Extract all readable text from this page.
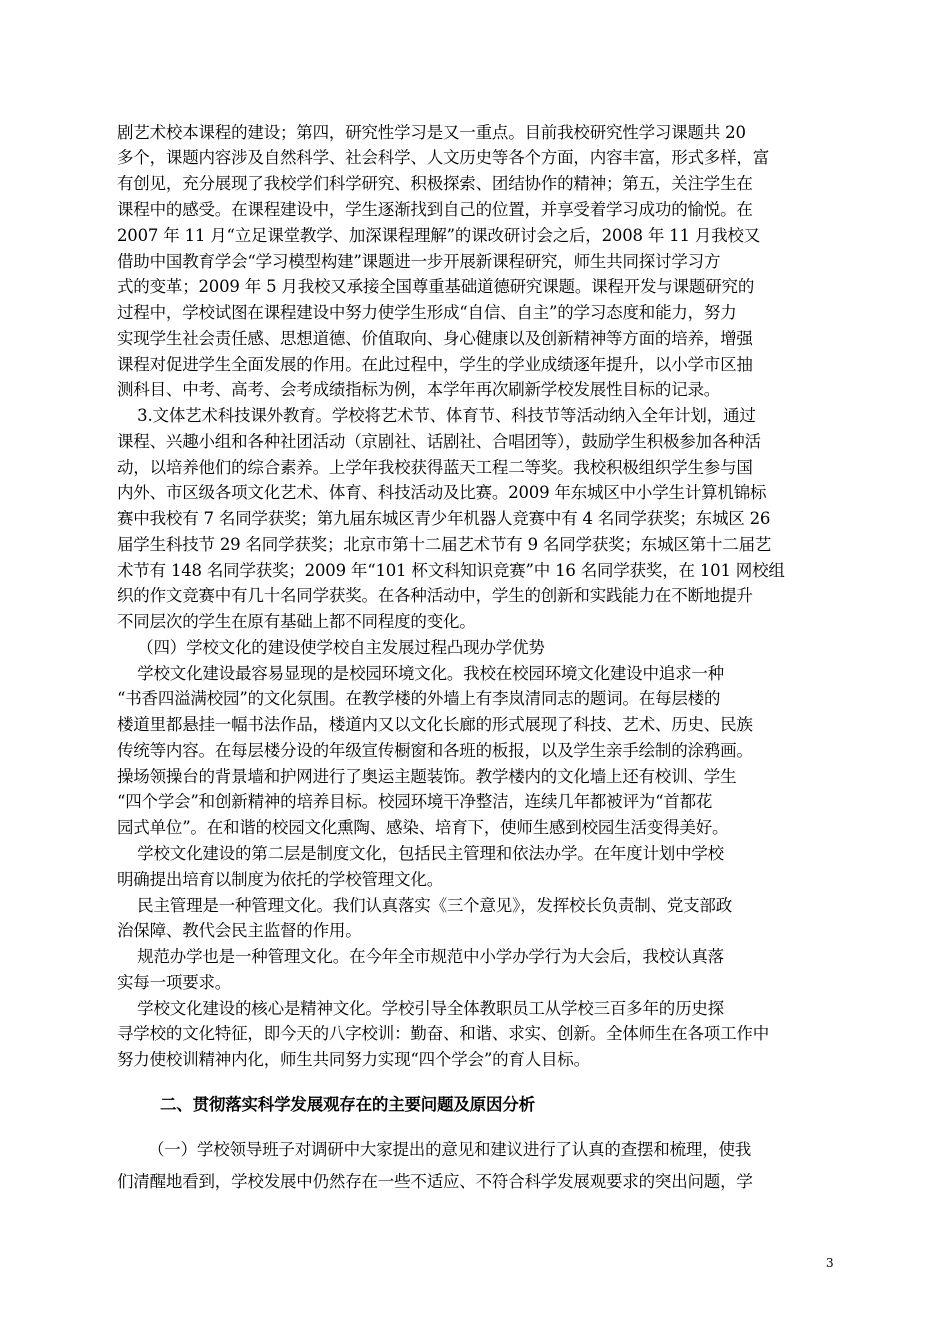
剧艺术校本课程的建设；第四，研究性学习是又一重点。目前我校研究性学习课题共 20
多个，课题内容涉及自然科学、社会科学、人文历史等各个方面，内容丰富，形式多样，富
有创见，充分展现了我校学们科学研究、积极探索、团结协作的精神；第五，关注学生在
课程中的感受。在课程建设中，学生逐渐找到自己的位置，并享受着学习成功的愉悦。在
2007 年 11 月“立足课堂教学、加深课程理解”的课改研讨会之后，2008 年 11 月我校又
借助中国教育学会“学习模型构建”课题进一步开展新课程研究，师生共同探讨学习方
式的变革；2009 年 5 月我校又承接全国尊重基础道德研究课题。课程开发与课题研究的
过程中，学校试图在课程建设中努力使学生形成“自信、自主”的学习态度和能力，努力
实现学生社会责任感、思想道德、价值取向、身心健康以及创新精神等方面的培养，增强
课程对促进学生全面发展的作用。在此过程中，学生的学业成绩逐年提升，以小学市区抽
测科目、中考、高考、会考成绩指标为例，本学年再次刷新学校发展性目标的记录。
3.文体艺术科技课外教育。学校将艺术节、体育节、科技节等活动纳入全年计划，通过
课程、兴趣小组和各种社团活动（京剧社、话剧社、合唱团等），鼓励学生积极参加各种活
动，以培养他们的综合素养。上学年我校获得蓝天工程二等奖。我校积极组织学生参与国
内外、市区级各项文化艺术、体育、科技活动及比赛。2009 年东城区中小学生计算机锦标
赛中我校有 7 名同学获奖；第九届东城区青少年机器人竞赛中有 4 名同学获奖；东城区 26
届学生科技节 29 名同学获奖；北京市第十二届艺术节有 9 名同学获奖；东城区第十二届艺
术节有 148 名同学获奖；2009 年“101 杯文科知识竞赛”中 16 名同学获奖，在 101 网校组
织的作文竞赛中有几十名同学获奖。在各种活动中，学生的创新和实践能力在不断地提升
不同层次的学生在原有基础上都不同程度的变化。
（四）学校文化的建设使学校自主发展过程凸现办学优势
学校文化建设最容易显现的是校园环境文化。我校在校园环境文化建设中追求一种
“书香四溢满校园”的文化氛围。在教学楼的外墙上有李岚清同志的题词。在每层楼的
楼道里都悬挂一幅书法作品，楼道内又以文化长廊的形式展现了科技、艺术、历史、民族
传统等内容。在每层楼分设的年级宣传橱窗和各班的板报，以及学生亲手绘制的涂鸦画。
操场领操台的背景墙和护网进行了奥运主题装饰。教学楼内的文化墙上还有校训、学生
“四个学会”和创新精神的培养目标。校园环境干净整洁，连续几年都被评为“首都花
园式单位”。在和谐的校园文化熏陶、感染、培育下，使师生感到校园生活变得美好。
学校文化建设的第二层是制度文化，包括民主管理和依法办学。在年度计划中学校
明确提出培育以制度为依托的学校管理文化。
民主管理是一种管理文化。我们认真落实《三个意见》，发挥校长负责制、党支部政
治保障、教代会民主监督的作用。
规范办学也是一种管理文化。在今年全市规范中小学办学行为大会后，我校认真落
实每一项要求。
学校文化建设的核心是精神文化。学校引导全体教职员工从学校三百多年的历史探
寻学校的文化特征，即今天的八字校训：勤奋、和谐、求实、创新。全体师生在各项工作中
努力使校训精神内化，师生共同努力实现“四个学会”的育人目标。
二、贯彻落实科学发展观存在的主要问题及原因分析
（一）学校领导班子对调研中大家提出的意见和建议进行了认真的查摆和梳理，使我
们清醒地看到，学校发展中仍然存在一些不适应、不符合科学发展观要求的突出问题，学
3
